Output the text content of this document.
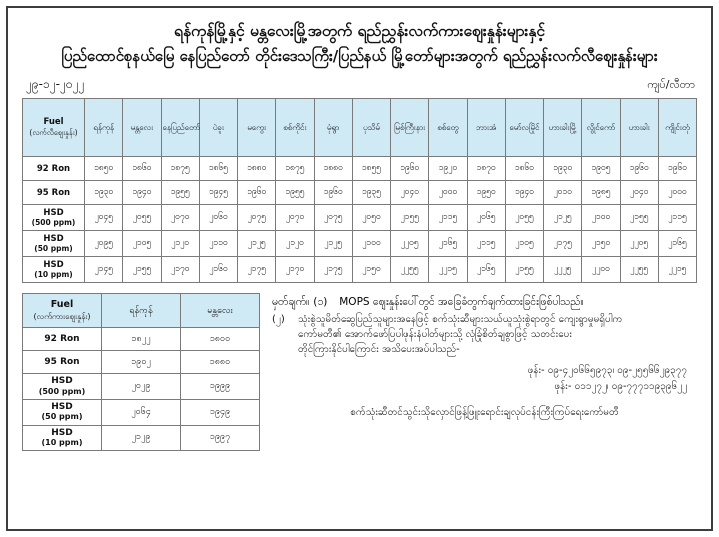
ရန်ကုန်မြို့နှင့် မန္တလေးမြို့အတွက် ရည်ညွှန်းလက်ကားဈေးနှုန်းများနှင့်
ပြည်ထောင်စုနယ်မြေ နေပြည်တော် တိုင်းဒေသကြီး/ပြည်နယ် မြို့တော်များအတွက် ရည်ညွှန်းလက်လီဈေးနှုန်းများ
၂၉-၁၂-၂၀၂၂	ကျပ်/လီတာ
Fuel
(လက်လီဈေးနှုန်း)	ရန်ကုန်	မန္တလေး	နေပြည်တော်	ပဲခူး	မကွေး	စစ်ကိုင်း	မုံရွာ	ပုသိမ်	မြစ်ကြီးနား	စစ်တွေ	ဘားအံ	မော်လမြိုင်	ဟားခါးမြို့	လွိုင်ကော်	ဟားခါး	ကျိုင်းတုံ
92 Ron	၁၈၅၀	၁၈၆၀	၁၈၇၅	၁၈၆၅	၁၈၈၀	၁၈၇၅	၁၈၈၀	၁၈၅၅	၁၉၆၀	၁၉၂၀	၁၈၇၀	၁၈၆၀	၁၉၃၀	၁၉၀၅	၁၉၆၀	၁၉၆၀
95 Ron	၁၉၃၀	၁၉၄၀	၁၉၅၅	၁၉၄၅	၁၉၆၀	၁၉၅၅	၁၉၆၀	၁၉၃၅	၂၀၄၀	၂၀၀၀	၁၉၅၀	၁၉၄၀	၂၀၁၀	၁၉၈၅	၂၀၄၀	၂၀၀၀
HSD
(500 ppm)	၂၀၄၅	၂၀၅၅	၂၀၇၀	၂၀၆၀	၂၀၇၅	၂၀၇၀	၂၀၇၅	၂၀၅၀	၂၁၅၅	၂၁၁၅	၂၀၆၅	၂၀၅၅	၂၁၂၅	၂၁၀၀	၂၁၅၅	၂၁၁၅
HSD
(50 ppm)	၂၀၉၅	၂၁၀၅	၂၁၂၀	၂၁၁၀	၂၁၂၅	၂၁၂၀	၂၁၂၅	၂၁၀၀	၂၂၀၅	၂၁၆၅	၂၁၁၅	၂၁၀၅	၂၁၇၅	၂၁၅၀	၂၂၀၅	၂၁၆၅
HSD
(10 ppm)	၂၁၄၅	၂၁၅၅	၂၁၇၀	၂၁၆၀	၂၁၇၅	၂၁၇၀	၂၁၇၅	၂၁၅၀	၂၂၅၅	၂၂၁၅	၂၁၆၅	၂၁၅၅	၂၂၂၅	၂၂၀၀	၂၂၅၅	၂၂၁၅
Fuel
(လက်ကားဈေးနှုန်း)	ရန်ကုန်	မန္တလေး
92 Ron	၁၈၂၂	၁၈၀၀
95 Ron	၁၉၀၂	၁၈၈၀
HSD
(500 ppm)	၂၀၂၉	၁၉၉၉
HSD
(50 ppm)	၂၀၆၄	၁၉၄၉
HSD
(10 ppm)	၂၁၂၉	၁၉၉၇
မှတ်ချက်။ (၁)	MOPS ဈေးနှုန်းပေါ်တွင် အခြေခံတွက်ချက်ထားခြင်းဖြစ်ပါသည်။
(၂)	သုံးစွဲသူမိတ်ဆွေပြည်သူများအနေဖြင့် စက်သုံးဆီများသယ်ယူသုံးစွဲရာတွင် ကျေးရွာမှုမရှိပါက
ကော်မတီ၏ အောက်ဖော်ပြပါဖုန်းနံပါတ်များသို့ လုံခြုံစိတ်ချစွာဖြင့် သတင်းပေး
တိုင်ကြားနိုင်ပါကြောင်း အသိပေးအပ်ပါသည်-
ဖုန်း- ၀၉-၄၂၀၆၆၅၉၇၃၊ ၀၉-၂၅၅၆၆၂၉၃၇၇
ဖုန်း- ၀၁၁၂၇၂၊ ၀၉-၇၇၇၁၁၉၃၉၆၂၂
စက်သုံးဆီတင်သွင်းသိုလှောင်ဖြန့်ဖြူးရောင်းချလုပ်ငန်းကြီးကြပ်ရေးကော်မတီ
